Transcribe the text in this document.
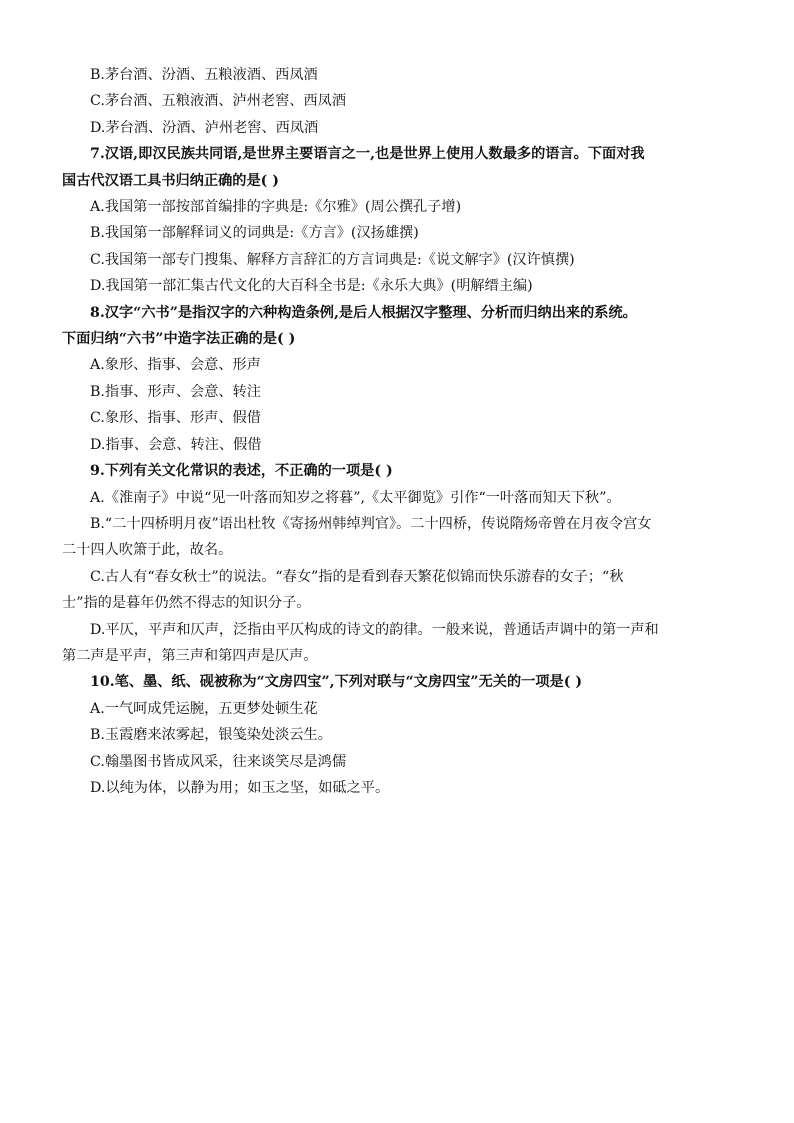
B.茅台酒、汾酒、五粮液酒、西凤酒
C.茅台酒、五粮液酒、泸州老窖、西凤酒
D.茅台酒、汾酒、泸州老窖、西凤酒
7.汉语,即汉民族共同语,是世界主要语言之一,也是世界上使用人数最多的语言。下面对我
国古代汉语工具书归纳正确的是( )
A.我国第一部按部首编排的字典是:《尔雅》(周公撰孔子增)
B.我国第一部解释词义的词典是:《方言》(汉扬雄撰)
C.我国第一部专门搜集、解释方言辞汇的方言词典是:《说文解字》(汉许慎撰)
D.我国第一部汇集古代文化的大百科全书是:《永乐大典》(明解缙主编)
8.汉字“六书”是指汉字的六种构造条例,是后人根据汉字整理、分析而归纳出来的系统。
下面归纳“六书”中造字法正确的是( )
A.象形、指事、会意、形声
B.指事、形声、会意、转注
C.象形、指事、形声、假借
D.指事、会意、转注、假借
9.下列有关文化常识的表述，不正确的一项是( )
A.《淮南子》中说“见一叶落而知岁之将暮”,《太平御览》引作“一叶落而知天下秋”。
B.“二十四桥明月夜”语出杜牧《寄扬州韩绰判官》。二十四桥，传说隋炀帝曾在月夜令宫女
二十四人吹箫于此，故名。
C.古人有“春女秋士”的说法。“春女”指的是看到春天繁花似锦而快乐游春的女子；“秋
士”指的是暮年仍然不得志的知识分子。
D.平仄，平声和仄声，泛指由平仄构成的诗文的韵律。一般来说，普通话声调中的第一声和
第二声是平声，第三声和第四声是仄声。
10.笔、墨、纸、砚被称为“文房四宝”,下列对联与“文房四宝”无关的一项是( )
A.一气呵成凭运腕，五更梦处顿生花
B.玉霞磨来浓雾起，银笺染处淡云生。
C.翰墨图书皆成风采，往来谈笑尽是鸿儒
D.以纯为体，以静为用；如玉之坚，如砥之平。
